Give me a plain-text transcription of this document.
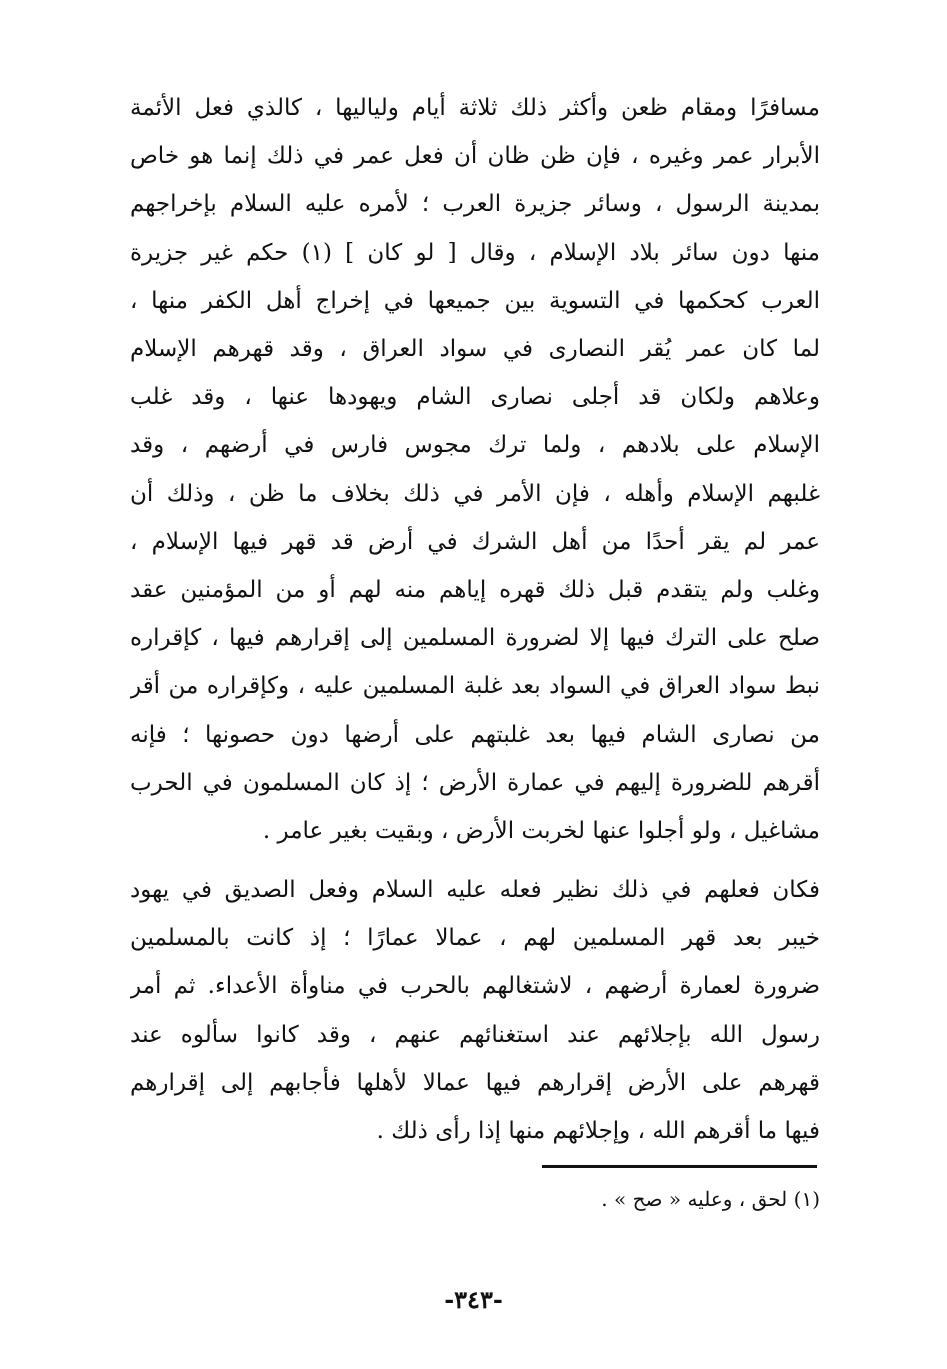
مسافرًا ومقام ظعن وأكثر ذلك ثلاثة أيام ولياليها ، كالذي فعل الأئمة
الأبرار عمر وغيره ، فإن ظن ظان أن فعل عمر في ذلك إنما هو خاص
بمدينة الرسول ، وسائر جزيرة العرب ؛ لأمره عليه السلام بإخراجهم
منها دون سائر بلاد الإسلام ، وقال [ لو كان ] (١) حكم غير جزيرة
العرب كحكمها في التسوية بين جميعها في إخراج أهل الكفر منها ،
لما كان عمر يُقر النصارى في سواد العراق ، وقد قهرهم الإسلام
وعلاهم ولكان قد أجلى نصارى الشام ويهودها عنها ، وقد غلب
الإسلام على بلادهم ، ولما ترك مجوس فارس في أرضهم ، وقد
غلبهم الإسلام وأهله ، فإن الأمر في ذلك بخلاف ما ظن ، وذلك أن
عمر لم يقر أحدًا من أهل الشرك في أرض قد قهر فيها الإسلام ،
وغلب ولم يتقدم قبل ذلك قهره إياهم منه لهم أو من المؤمنين عقد
صلح على الترك فيها إلا لضرورة المسلمين إلى إقرارهم فيها ، كإقراره
نبط سواد العراق في السواد بعد غلبة المسلمين عليه ، وكإقراره من أقر
من نصارى الشام فيها بعد غلبتهم على أرضها دون حصونها ؛ فإنه
أقرهم للضرورة إليهم في عمارة الأرض ؛ إذ كان المسلمون في الحرب
مشاغيل ، ولو أجلوا عنها لخربت الأرض ، وبقيت بغير عامر .
فكان فعلهم في ذلك نظير فعله عليه السلام وفعل الصديق في يهود
خيبر بعد قهر المسلمين لهم ، عمالا عمارًا ؛ إذ كانت بالمسلمين
ضرورة لعمارة أرضهم ، لاشتغالهم بالحرب في مناوأة الأعداء. ثم أمر
رسول الله بإجلائهم عند استغنائهم عنهم ، وقد كانوا سألوه عند
قهرهم على الأرض إقرارهم فيها عمالا لأهلها فأجابهم إلى إقرارهم
فيها ما أقرهم الله ، وإجلائهم منها إذا رأى ذلك .
(١) لحق ، وعليه « صح » .
-٣٤٣-
